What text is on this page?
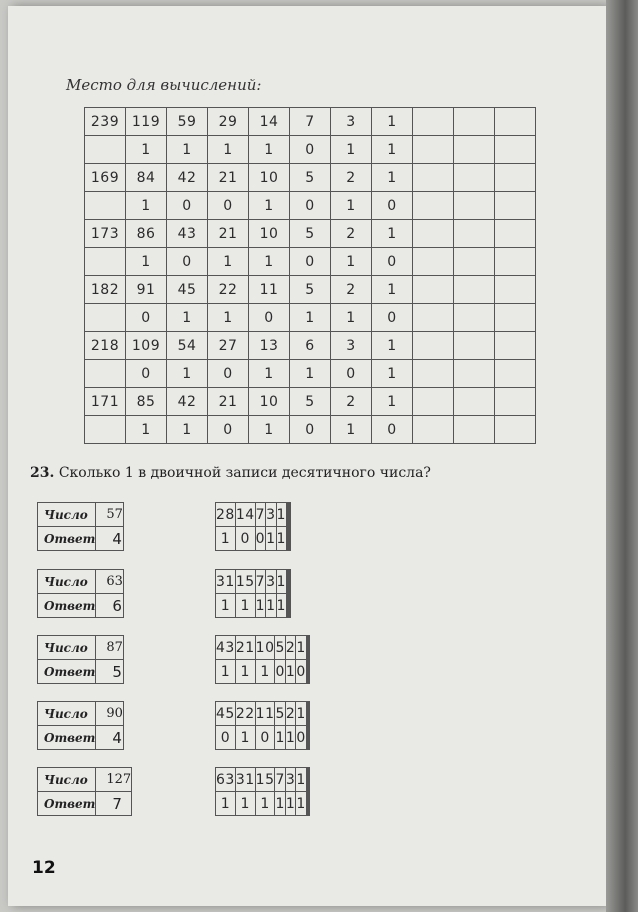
Место для вычислений:
239	119	59	29	14	7	3	1			
	1	1	1	1	0	1	1			
169	84	42	21	10	5	2	1			
	1	0	0	1	0	1	0			
173	86	43	21	10	5	2	1			
	1	0	1	1	0	1	0			
182	91	45	22	11	5	2	1			
	0	1	1	0	1	1	0			
218	109	54	27	13	6	3	1			
	0	1	0	1	1	0	1			
171	85	42	21	10	5	2	1			
	1	1	0	1	0	1	0			
23. Сколько 1 в двоичной записи десятичного числа?
Число	57
Ответ	4
28	14	7	3	1				
1	0	0	1	1				
Число	63
Ответ	6
31	15	7	3	1				
1	1	1	1	1				
Число	87
Ответ	5
43	21	10	5	2	1			
1	1	1	0	1	0			
Число	90
Ответ	4
45	22	11	5	2	1			
0	1	0	1	1	0			
Число	127
Ответ	7
63	31	15	7	3	1			
1	1	1	1	1	1			
12
